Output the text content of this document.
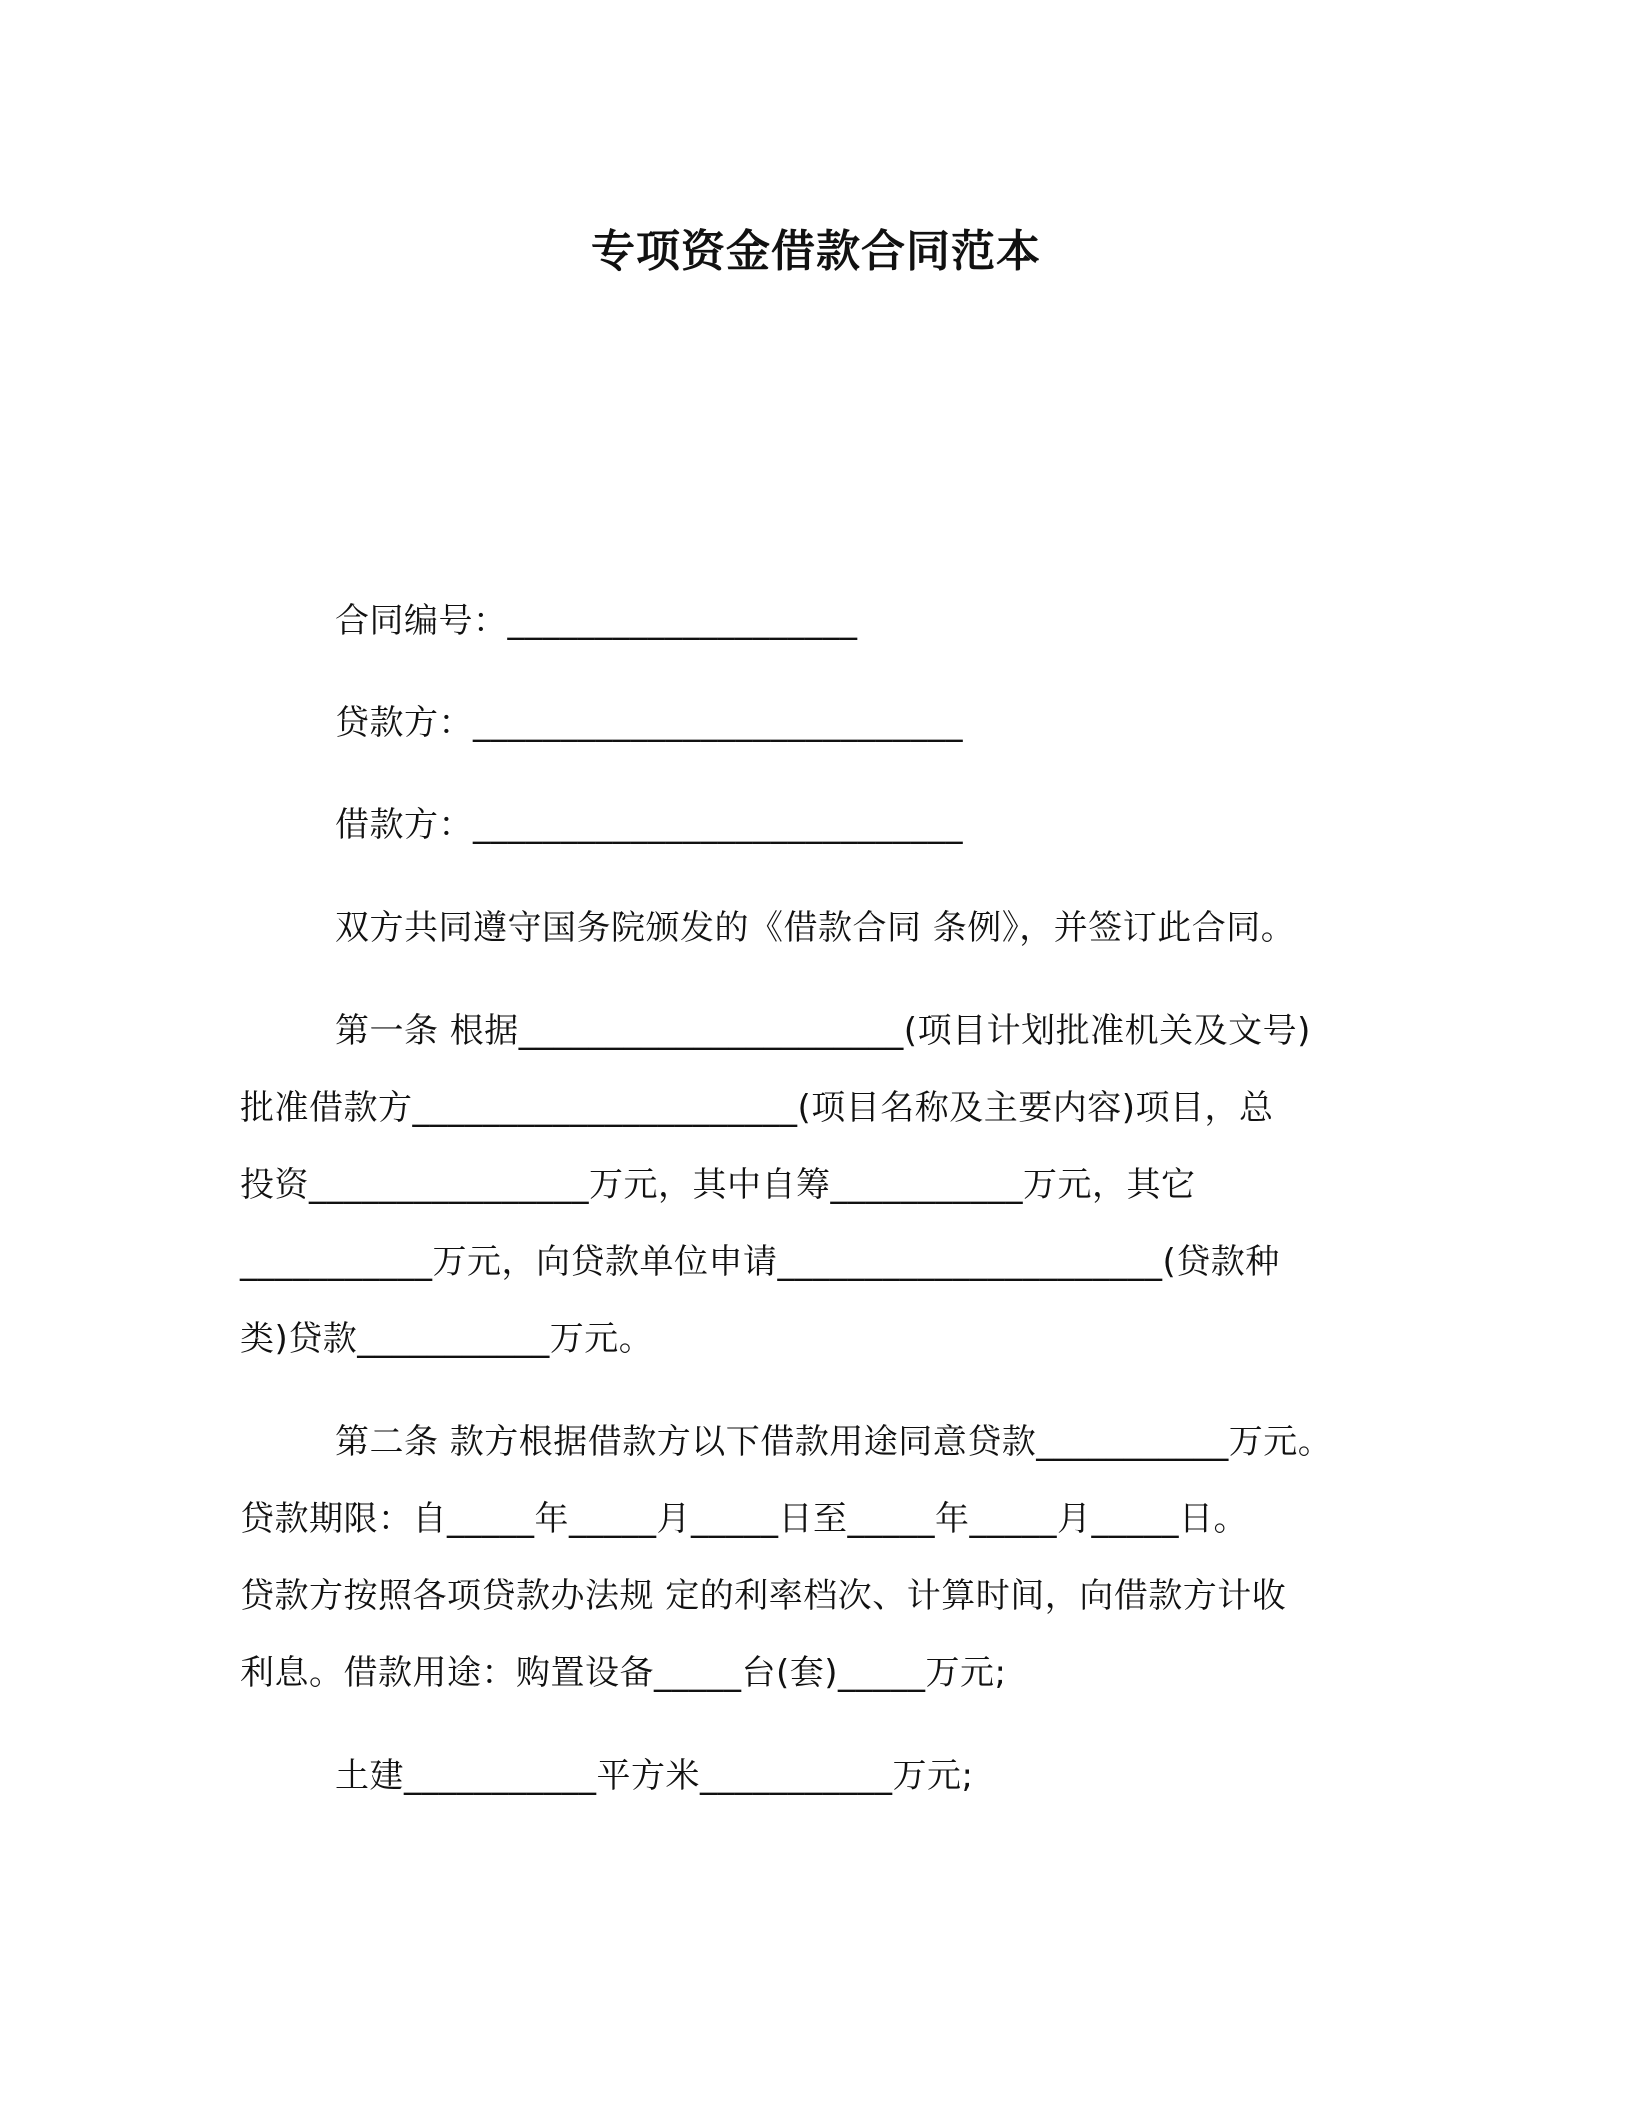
专项资金借款合同范本
合同编号：____________________
贷款方：____________________________
借款方：____________________________
双方共同遵守国务院颁发的《借款合同 条例》，并签订此合同。
第一条 根据______________________(项目计划批准机关及文号)
批准借款方______________________(项目名称及主要内容)项目，总
投资________________万元，其中自筹___________万元，其它
___________万元，向贷款单位申请______________________(贷款种
类)贷款___________万元。
第二条 款方根据借款方以下借款用途同意贷款___________万元。
贷款期限：自_____年_____月_____日至_____年_____月_____日。
贷款方按照各项贷款办法规 定的利率档次、计算时间，向借款方计收
利息。借款用途：购置设备_____台(套)_____万元;
土建___________平方米___________万元;
